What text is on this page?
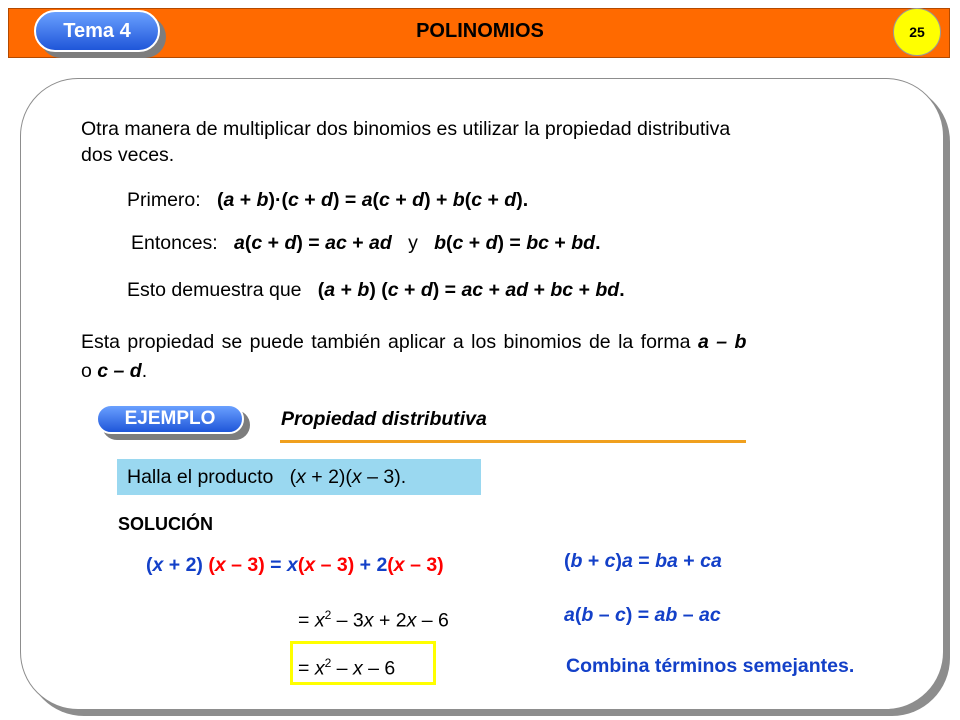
Tema 4	POLINOMIOS	25
Otra manera de multiplicar dos binomios es utilizar la propiedad distributiva
dos veces.
Primero: (a + b)·(c + d) = a(c + d) + b(c + d).
Entonces: a(c + d) = ac + ad y b(c + d) = bc + bd.
Esto demuestra que (a + b) (c + d) = ac + ad + bc + bd.
Esta propiedad se puede también aplicar a los binomios de la forma a – b
o c – d.
EJEMPLO	Propiedad distributiva
Halla el producto (x + 2)(x – 3).
SOLUCIÓN
(x + 2) (x – 3) = x(x – 3) + 2(x – 3)
= $x^2 - 3x + 2x - 6$
= $x^2$ – x – 6
(b + c)a = ba + ca
a(b – c) = ab – ac
Combina términos semejantes.
